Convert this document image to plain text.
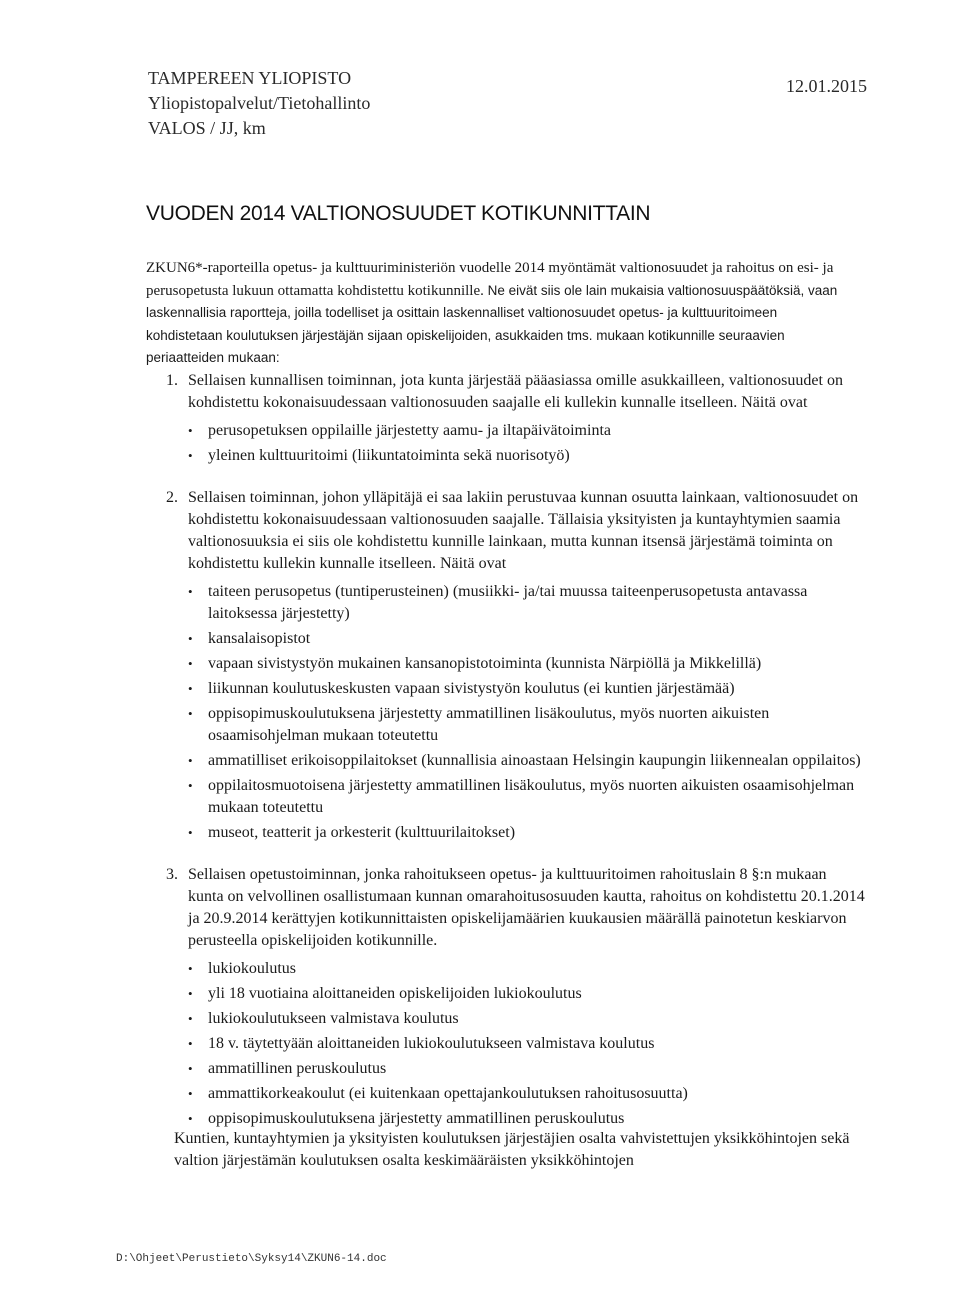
TAMPEREEN YLIOPISTO
Yliopistopalvelut/Tietohallinto
VALOS / JJ, km
12.01.2015
VUODEN 2014 VALTIONOSUUDET KOTIKUNNITTAIN
ZKUN6*-raporteilla opetus- ja kulttuuriministeriön vuodelle 2014 myöntämät valtionosuudet ja rahoitus on esi- ja perusopetusta lukuun ottamatta kohdistettu kotikunnille. Ne eivät siis ole lain mukaisia valtionosuuspäätöksiä, vaan laskennallisia raportteja, joilla todelliset ja osittain laskennalliset valtionosuudet opetus- ja kulttuuritoimeen kohdistetaan koulutuksen järjestäjän sijaan opiskelijoiden, asukkaiden tms. mukaan kotikunnille seuraavien periaatteiden mukaan:
1. Sellaisen kunnallisen toiminnan, jota kunta järjestää pääasiassa omille asukkailleen, valtionosuudet on kohdistettu kokonaisuudessaan valtionosuuden saajalle eli kullekin kunnalle itselleen. Näitä ovat
• perusopetuksen oppilaille järjestetty aamu- ja iltapäivätoiminta
• yleinen kulttuuritoimi (liikuntatoiminta sekä nuorisotyö)
2. Sellaisen toiminnan, johon ylläpitäjä ei saa lakiin perustuvaa kunnan osuutta lainkaan, valtionosuudet on kohdistettu kokonaisuudessaan valtionosuuden saajalle. Tällaisia yksityisten ja kuntayhtymien saamia valtionosuuksia ei siis ole kohdistettu kunnille lainkaan, mutta kunnan itsensä järjestämä toiminta on kohdistettu kullekin kunnalle itselleen. Näitä ovat
• taiteen perusopetus (tuntiperusteinen) (musiikki- ja/tai muussa taiteenperusopetusta antavassa laitoksessa järjestetty)
• kansalaisopistot
• vapaan sivistystyön mukainen kansanopistotoiminta (kunnista Närpiöllä ja Mikkelillä)
• liikunnan koulutuskeskusten vapaan sivistystyön koulutus (ei kuntien järjestämää)
• oppisopimuskoulutuksena järjestetty ammatillinen lisäkoulutus, myös nuorten aikuisten osaamisohjelman mukaan toteutettu
• ammatilliset erikoisoppilaitokset (kunnallisia ainoastaan Helsingin kaupungin liikennealan oppilaitos)
• oppilaitosmuotoisena järjestetty ammatillinen lisäkoulutus, myös nuorten aikuisten osaamisohjelman mukaan toteutettu
• museot, teatterit ja orkesterit (kulttuurilaitokset)
3. Sellaisen opetustoiminnan, jonka rahoitukseen opetus- ja kulttuuritoimen rahoituslain 8 §:n mukaan kunta on velvollinen osallistumaan kunnan omarahoitusosuuden kautta, rahoitus on kohdistettu 20.1.2014 ja 20.9.2014 kerättyjen kotikunnittaisten opiskelijamäärien kuukausien määrällä painotetun keskiarvon perusteella opiskelijoiden kotikunnille.
• lukiokoulutus
• yli 18 vuotiaina aloittaneiden opiskelijoiden lukiokoulutus
• lukiokoulutukseen valmistava koulutus
• 18 v. täytettyään aloittaneiden lukiokoulutukseen valmistava koulutus
• ammatillinen peruskoulutus
• ammattikorkeakoulut (ei kuitenkaan opettajankoulutuksen rahoitusosuutta)
• oppisopimuskoulutuksena järjestetty ammatillinen peruskoulutus
Kuntien, kuntayhtymien ja yksityisten koulutuksen järjestäjien osalta vahvistettujen yksikköhintojen sekä valtion järjestämän koulutuksen osalta keskimääräisten yksikköhintojen
D:\Ohjeet\Perustieto\Syksy14\ZKUN6-14.doc
